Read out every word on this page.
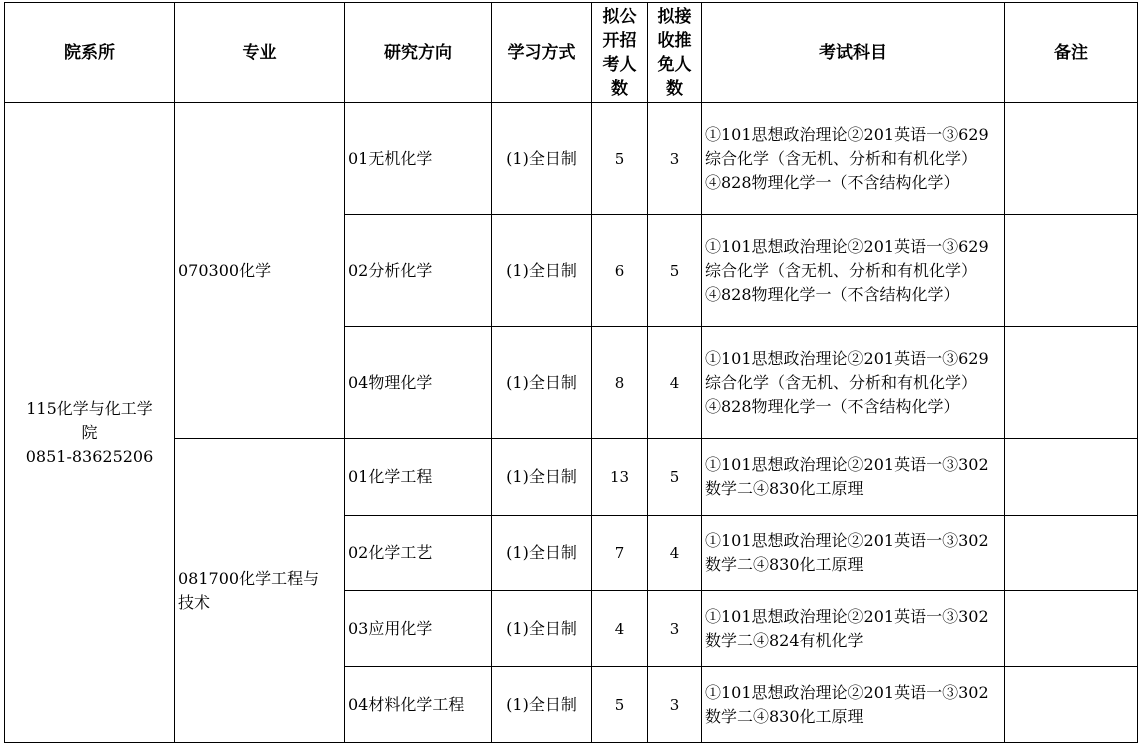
院系所	专业	研究方向	学习方式	拟公
开招
考人
数	拟接
收推
免人
数	考试科目	备注

115化学与化工学
院
0851-83625206	070300化学	01无机化学	(1)全日制	5	3	①101思想政治理论②201英语一③629综合化学（含无机、分析和有机化学）④828物理化学一（不含结构化学）	
		02分析化学	(1)全日制	6	5	①101思想政治理论②201英语一③629综合化学（含无机、分析和有机化学）④828物理化学一（不含结构化学）	
		04物理化学	(1)全日制	8	4	①101思想政治理论②201英语一③629综合化学（含无机、分析和有机化学）④828物理化学一（不含结构化学）	

	081700化学工程与
技术	01化学工程	(1)全日制	13	5	①101思想政治理论②201英语一③302数学二④830化工原理	
		02化学工艺	(1)全日制	7	4	①101思想政治理论②201英语一③302数学二④830化工原理	
		03应用化学	(1)全日制	4	3	①101思想政治理论②201英语一③302数学二④824有机化学	
		04材料化学工程	(1)全日制	5	3	①101思想政治理论②201英语一③302数学二④830化工原理	
